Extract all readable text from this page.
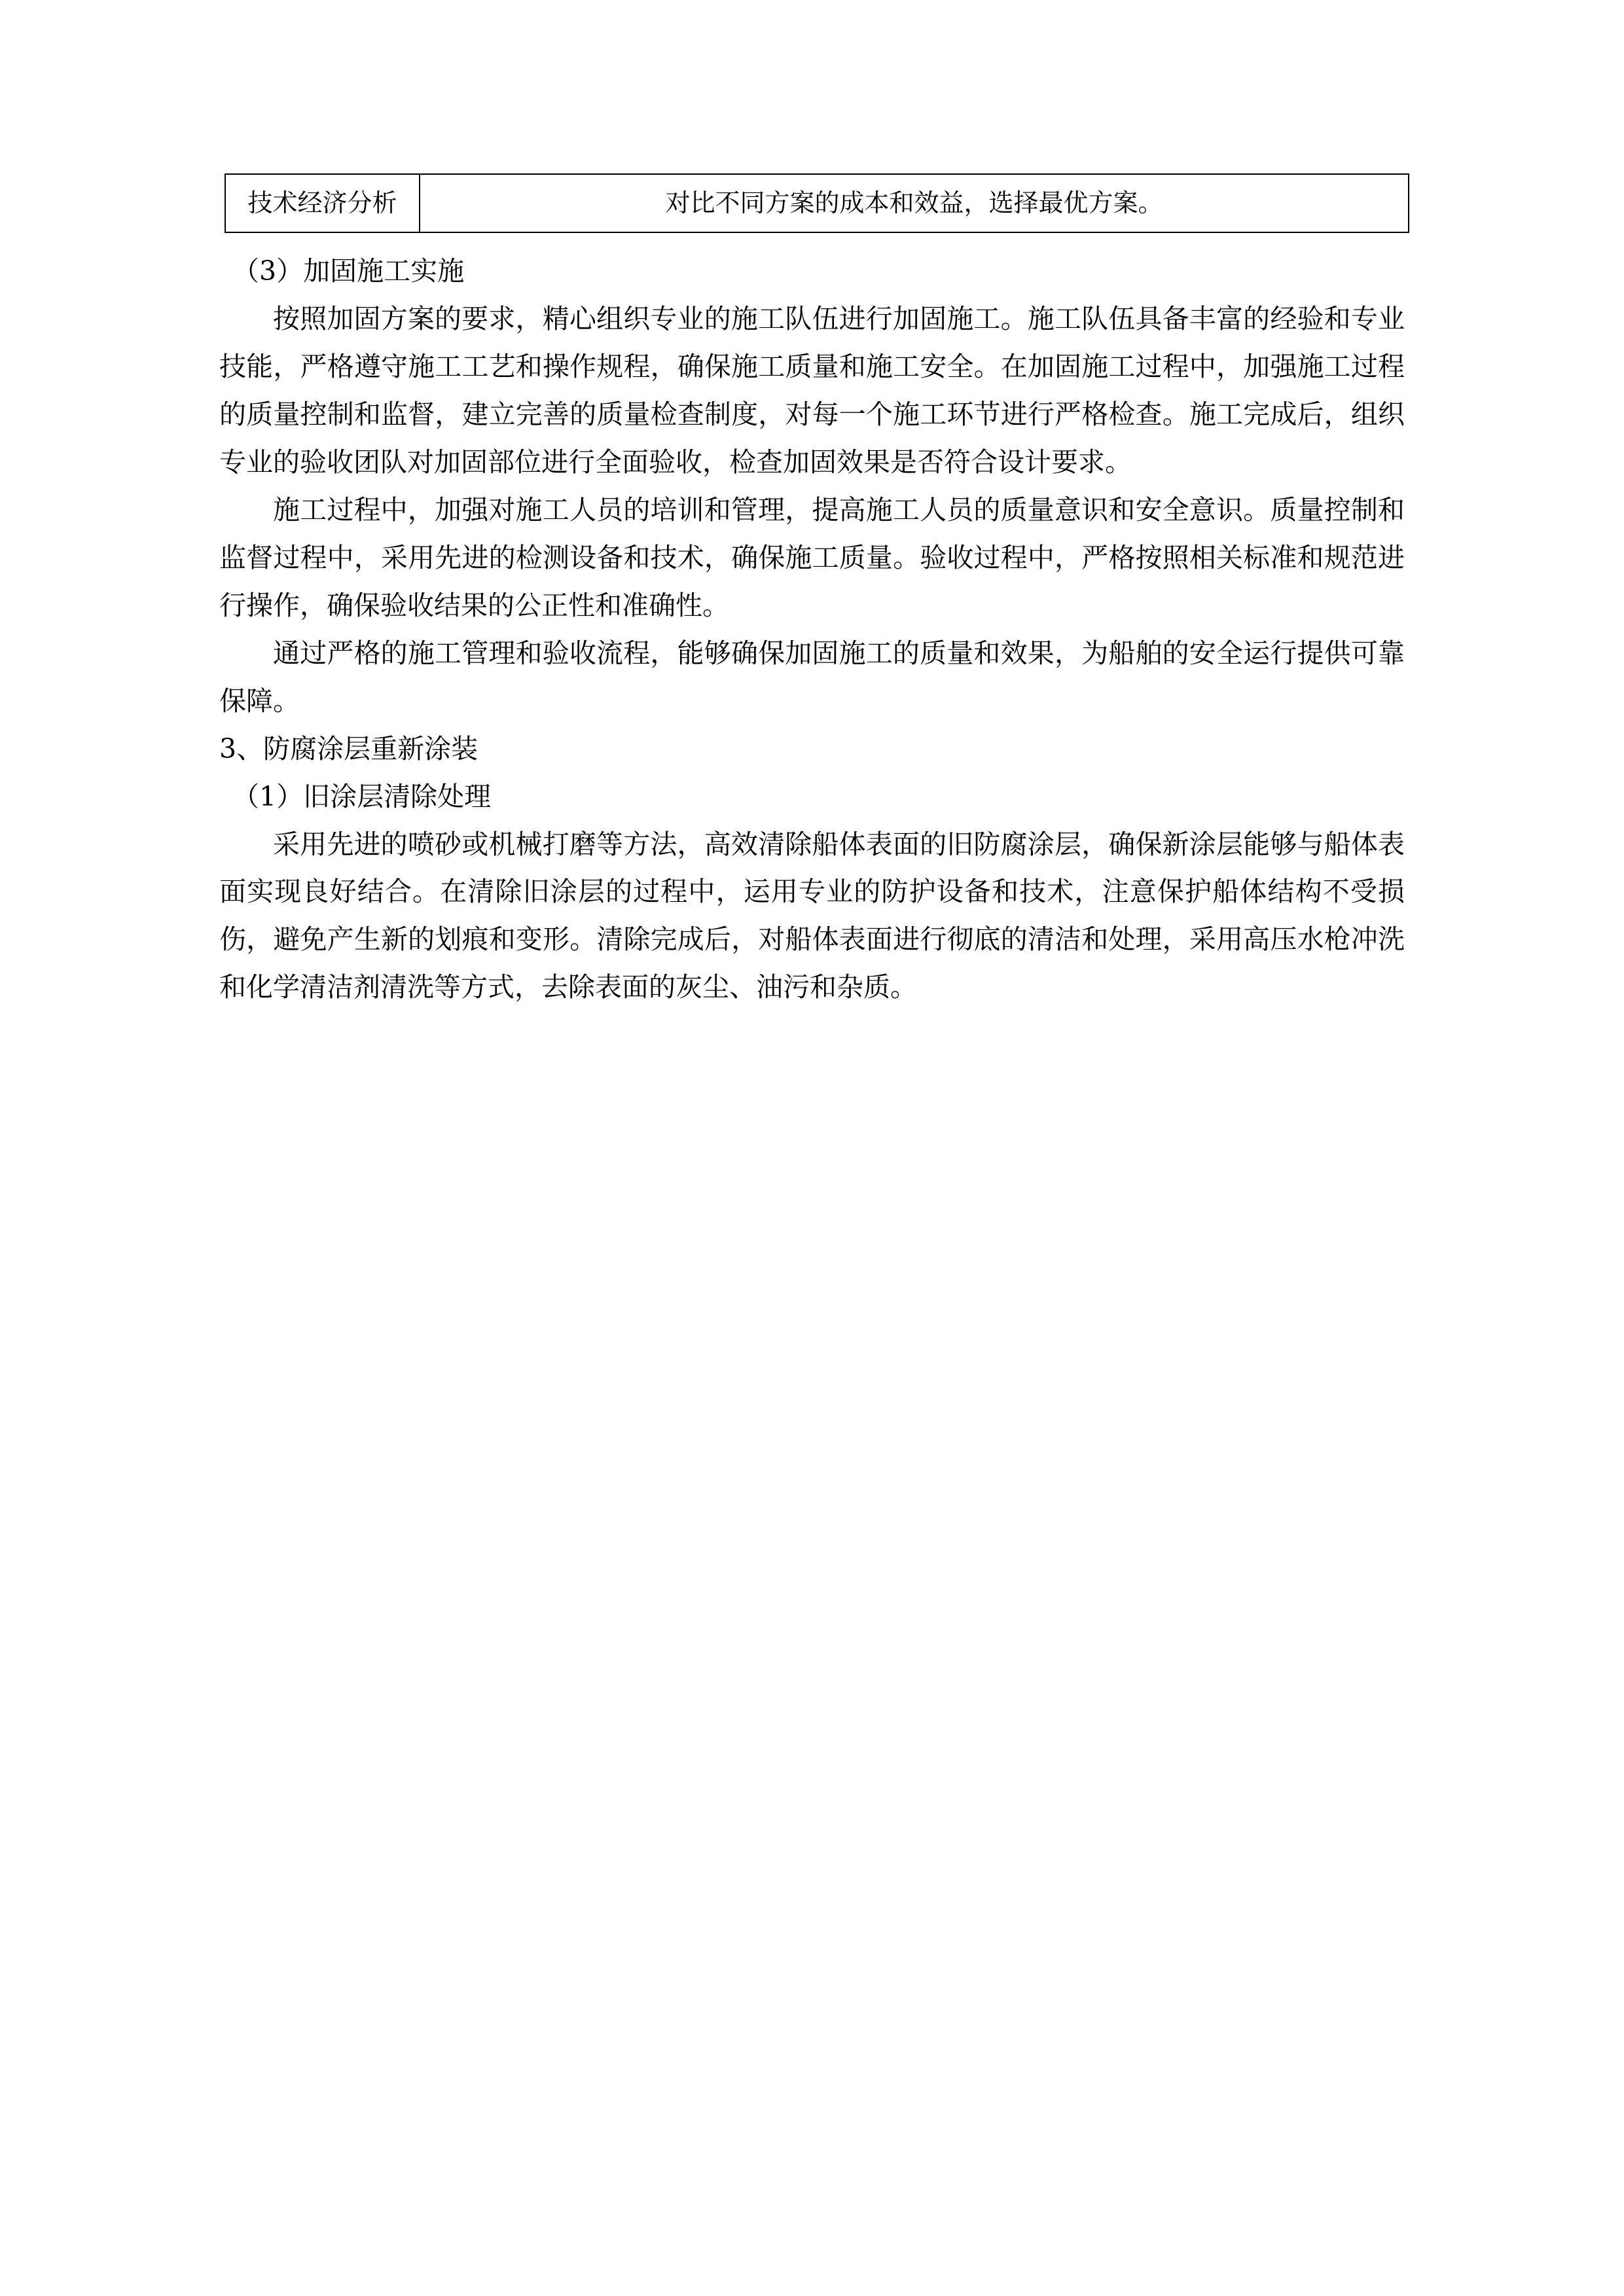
技术经济分析	对比不同方案的成本和效益，选择最优方案。

（3）加固施工实施

按照加固方案的要求，精心组织专业的施工队伍进行加固施工。施工队伍具备丰富的经验和专业技能，严格遵守施工工艺和操作规程，确保施工质量和施工安全。在加固施工过程中，加强施工过程的质量控制和监督，建立完善的质量检查制度，对每一个施工环节进行严格检查。施工完成后，组织专业的验收团队对加固部位进行全面验收，检查加固效果是否符合设计要求。

施工过程中，加强对施工人员的培训和管理，提高施工人员的质量意识和安全意识。质量控制和监督过程中，采用先进的检测设备和技术，确保施工质量。验收过程中，严格按照相关标准和规范进行操作，确保验收结果的公正性和准确性。

通过严格的施工管理和验收流程，能够确保加固施工的质量和效果，为船舶的安全运行提供可靠保障。

3、防腐涂层重新涂装

（1）旧涂层清除处理

采用先进的喷砂或机械打磨等方法，高效清除船体表面的旧防腐涂层，确保新涂层能够与船体表面实现良好结合。在清除旧涂层的过程中，运用专业的防护设备和技术，注意保护船体结构不受损伤，避免产生新的划痕和变形。清除完成后，对船体表面进行彻底的清洁和处理，采用高压水枪冲洗和化学清洁剂清洗等方式，去除表面的灰尘、油污和杂质。
